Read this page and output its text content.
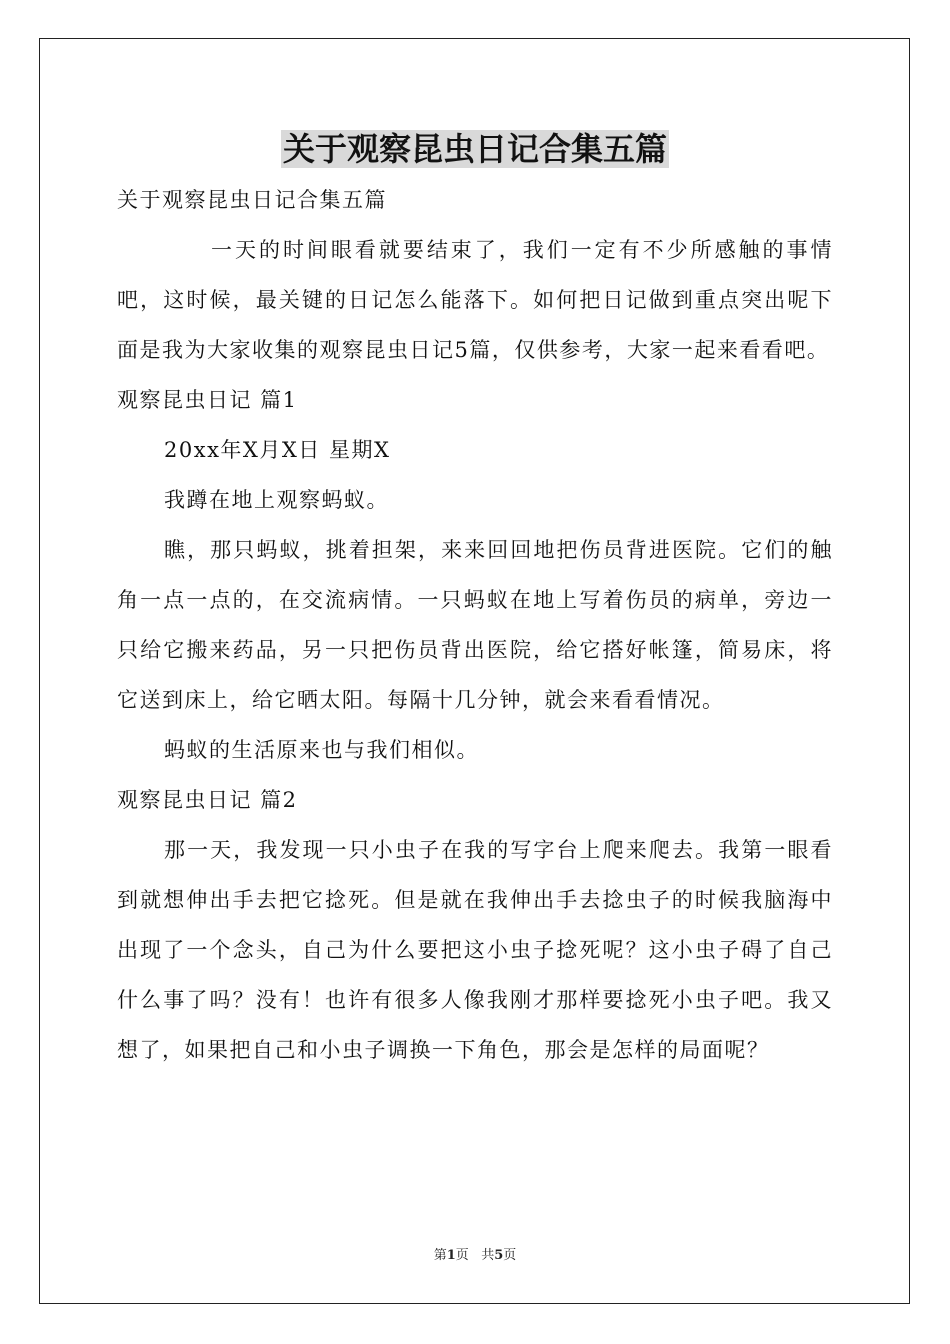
关于观察昆虫日记合集五篇

关于观察昆虫日记合集五篇

一天的时间眼看就要结束了，我们一定有不少所感触的事情吧，这时候，最关键的日记怎么能落下。如何把日记做到重点突出呢下面是我为大家收集的观察昆虫日记5篇，仅供参考，大家一起来看看吧。

观察昆虫日记 篇1

20xx年X月X日 星期X

我蹲在地上观察蚂蚁。

瞧，那只蚂蚁，挑着担架，来来回回地把伤员背进医院。它们的触角一点一点的，在交流病情。一只蚂蚁在地上写着伤员的病单，旁边一只给它搬来药品，另一只把伤员背出医院，给它搭好帐篷，简易床，将它送到床上，给它晒太阳。每隔十几分钟，就会来看看情况。

蚂蚁的生活原来也与我们相似。

观察昆虫日记 篇2

那一天，我发现一只小虫子在我的写字台上爬来爬去。我第一眼看到就想伸出手去把它捻死。但是就在我伸出手去捻虫子的时候我脑海中出现了一个念头，自己为什么要把这小虫子捻死呢？这小虫子碍了自己什么事了吗？没有！也许有很多人像我刚才那样要捻死小虫子吧。我又想了，如果把自己和小虫子调换一下角色，那会是怎样的局面呢？

第1页 共5页
